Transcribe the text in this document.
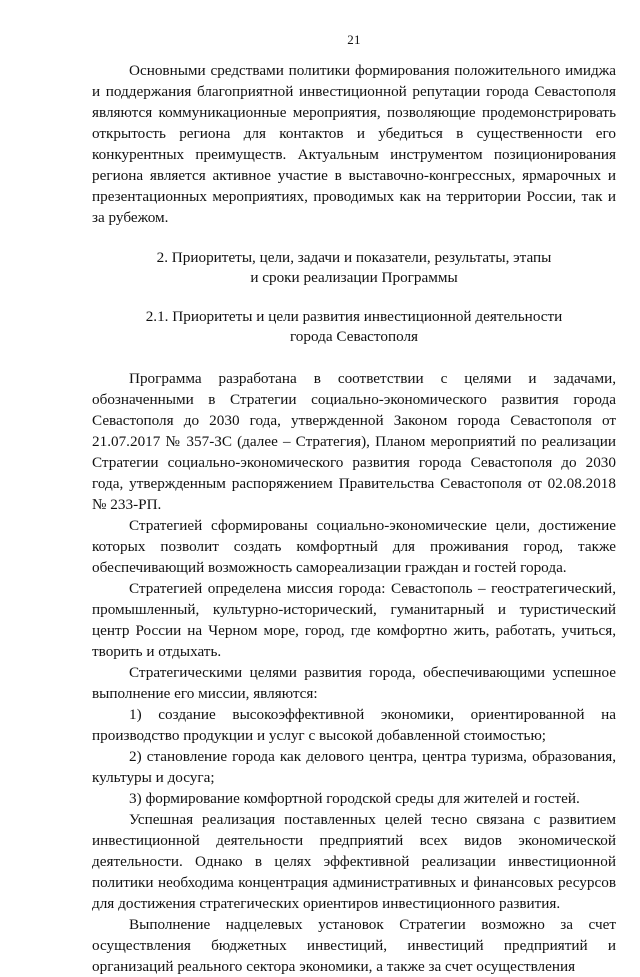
21

Основными средствами политики формирования положительного имиджа и поддержания благоприятной инвестиционной репутации города Севастополя являются коммуникационные мероприятия, позволяющие продемонстрировать открытость региона для контактов и убедиться в существенности его конкурентных преимуществ. Актуальным инструментом позиционирования региона является активное участие в выставочно-конгрессных, ярмарочных и презентационных мероприятиях, проводимых как на территории России, так и за рубежом.

2. Приоритеты, цели, задачи и показатели, результаты, этапы
и сроки реализации Программы
2.1. Приоритеты и цели развития инвестиционной деятельности
города Севастополя

Программа разработана в соответствии с целями и задачами, обозначенными в Стратегии социально-экономического развития города Севастополя до 2030 года, утвержденной Законом города Севастополя от 21.07.2017 № 357-ЗС (далее – Стратегия), Планом мероприятий по реализации Стратегии социально-экономического развития города Севастополя до 2030 года, утвержденным распоряжением Правительства Севастополя от 02.08.2018 № 233-РП.

Стратегией сформированы социально-экономические цели, достижение которых позволит создать комфортный для проживания город, также обеспечивающий возможность самореализации граждан и гостей города.

Стратегией определена миссия города: Севастополь – геостратегический, промышленный, культурно-исторический, гуманитарный и туристический центр России на Черном море, город, где комфортно жить, работать, учиться, творить и отдыхать.

Стратегическими целями развития города, обеспечивающими успешное выполнение его миссии, являются:

1) создание высокоэффективной экономики, ориентированной на производство продукции и услуг с высокой добавленной стоимостью;

2) становление города как делового центра, центра туризма, образования, культуры и досуга;

3) формирование комфортной городской среды для жителей и гостей.

Успешная реализация поставленных целей тесно связана с развитием инвестиционной деятельности предприятий всех видов экономической деятельности. Однако в целях эффективной реализации инвестиционной политики необходима концентрация административных и финансовых ресурсов для достижения стратегических ориентиров инвестиционного развития.

Выполнение надцелевых установок Стратегии возможно за счет осуществления бюджетных инвестиций, инвестиций предприятий и организаций реального сектора экономики, а также за счет осуществления
